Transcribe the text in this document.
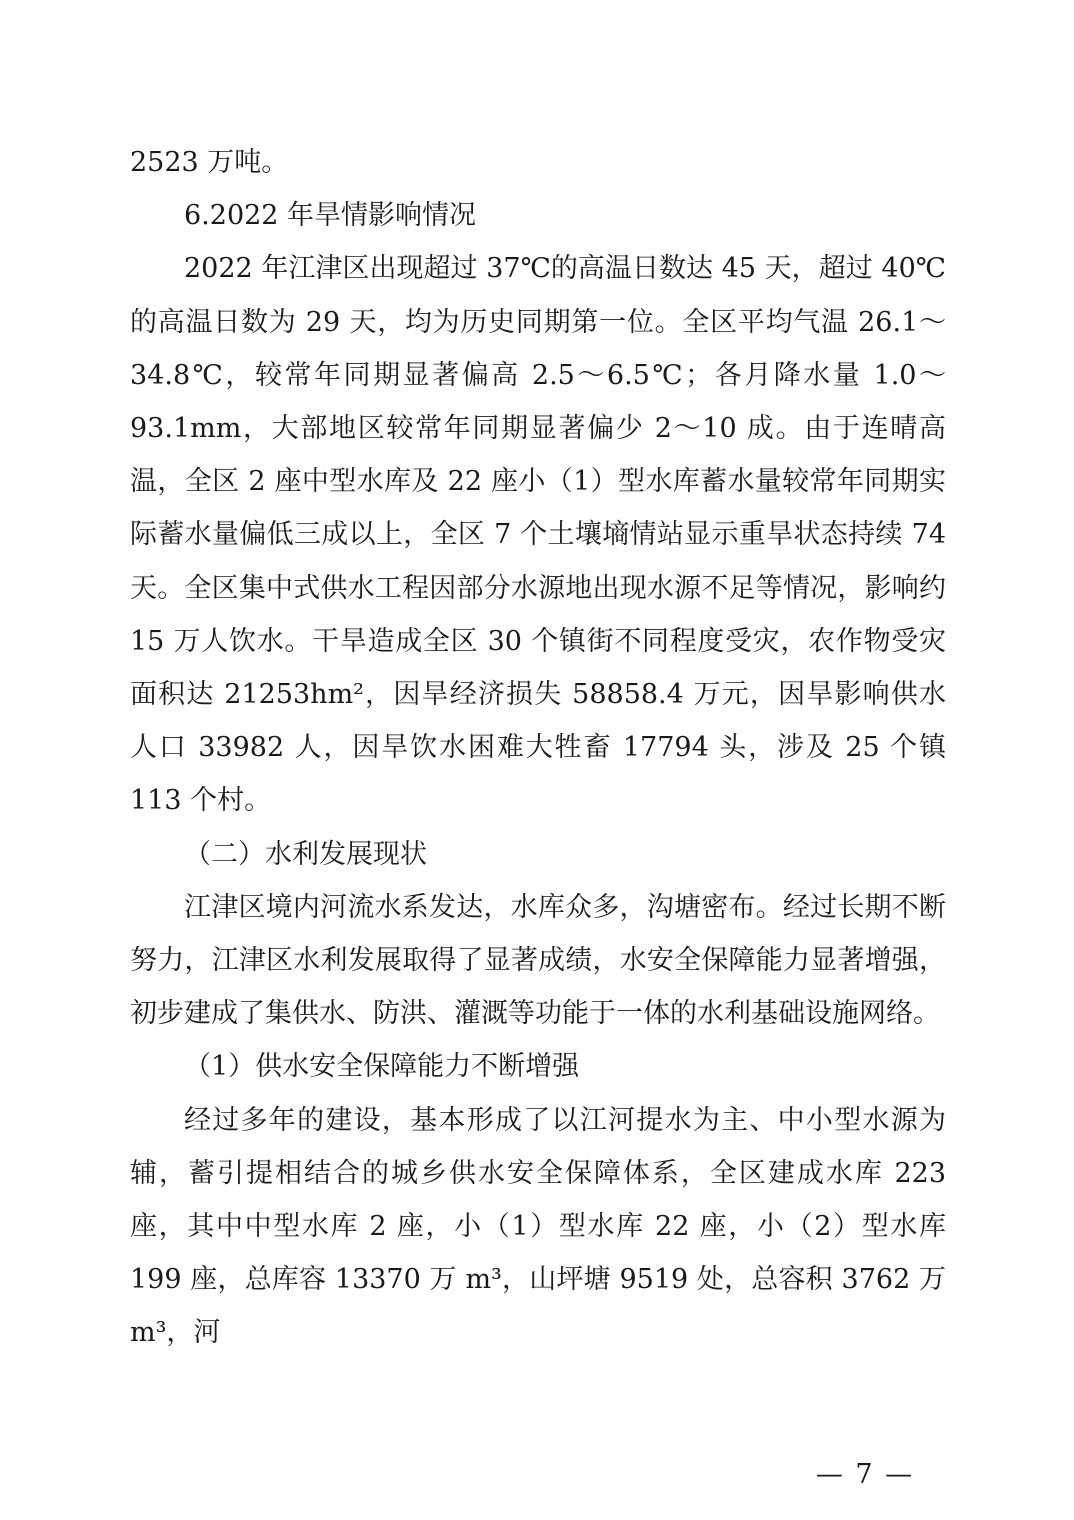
2523 万吨。

6.2022 年旱情影响情况

2022 年江津区出现超过 37℃的高温日数达 45 天，超过 40℃的高温日数为 29 天，均为历史同期第一位。全区平均气温 26.1～34.8℃，较常年同期显著偏高 2.5～6.5℃；各月降水量 1.0～93.1mm，大部地区较常年同期显著偏少 2～10 成。由于连晴高温，全区 2 座中型水库及 22 座小（1）型水库蓄水量较常年同期实际蓄水量偏低三成以上，全区 7 个土壤墒情站显示重旱状态持续 74 天。全区集中式供水工程因部分水源地出现水源不足等情况，影响约 15 万人饮水。干旱造成全区 30 个镇街不同程度受灾，农作物受灾面积达 21253hm²，因旱经济损失 58858.4 万元，因旱影响供水人口 33982 人，因旱饮水困难大牲畜 17794 头，涉及 25 个镇 113 个村。

（二）水利发展现状

江津区境内河流水系发达，水库众多，沟塘密布。经过长期不断努力，江津区水利发展取得了显著成绩，水安全保障能力显著增强，初步建成了集供水、防洪、灌溉等功能于一体的水利基础设施网络。

（1）供水安全保障能力不断增强

经过多年的建设，基本形成了以江河提水为主、中小型水源为辅，蓄引提相结合的城乡供水安全保障体系，全区建成水库 223 座，其中中型水库 2 座，小（1）型水库 22 座，小（2）型水库 199 座，总库容 13370 万 m³，山坪塘 9519 处，总容积 3762 万 m³，河

— 7 —
